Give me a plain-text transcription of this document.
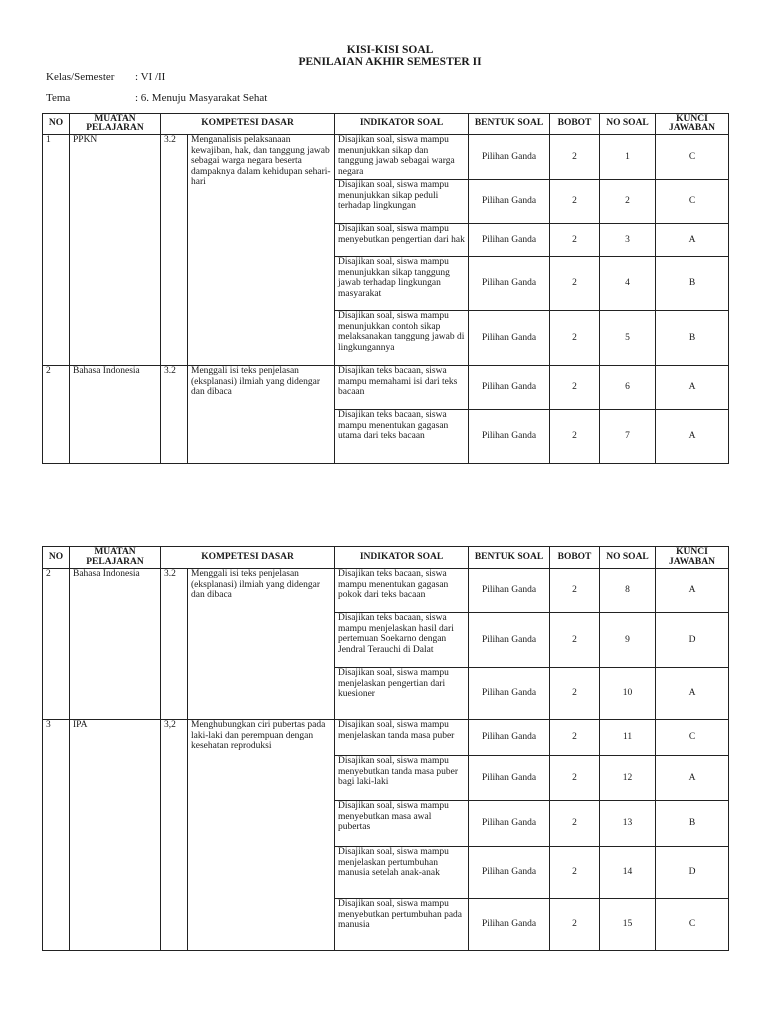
KISI-KISI SOAL
PENILAIAN AKHIR SEMESTER II
Kelas/Semester : VI /II
Tema	: 6. Menuju Masyarakat Sehat
NO	MUATAN PELAJARAN	KOMPETESI DASAR		INDIKATOR SOAL	BENTUK SOAL	BOBOT	NO SOAL	KUNCI JAWABAN
1	PPKN	3.2	Menganalisis pelaksanaan kewajiban, hak, dan tanggung jawab sebagai warga negara beserta dampaknya dalam kehidupan sehari-hari	Disajikan soal, siswa mampu menunjukkan sikap dan tanggung jawab sebagai warga negara	Pilihan Ganda	2	1	C
				Disajikan soal, siswa mampu menunjukkan sikap peduli terhadap lingkungan	Pilihan Ganda	2	2	C
				Disajikan soal, siswa mampu menyebutkan pengertian dari hak	Pilihan Ganda	2	3	A
				Disajikan soal, siswa mampu menunjukkan sikap tanggung jawab terhadap lingkungan masyarakat	Pilihan Ganda	2	4	B
				Disajikan soal, siswa mampu menunjukkan contoh sikap melaksanakan tanggung jawab di lingkungannya	Pilihan Ganda	2	5	B
2	Bahasa Indonesia	3.2	Menggali isi teks penjelasan (eksplanasi) ilmiah yang didengar dan dibaca	Disajikan teks bacaan, siswa mampu memahami isi dari teks bacaan	Pilihan Ganda	2	6	A
				Disajikan teks bacaan, siswa mampu menentukan gagasan utama dari teks bacaan	Pilihan Ganda	2	7	A
NO	MUATAN PELAJARAN	KOMPETESI DASAR		INDIKATOR SOAL	BENTUK SOAL	BOBOT	NO SOAL	KUNCI JAWABAN
2	Bahasa Indonesia	3.2	Menggali isi teks penjelasan (eksplanasi) ilmiah yang didengar dan dibaca	Disajikan teks bacaan, siswa mampu menentukan gagasan pokok dari teks bacaan	Pilihan Ganda	2	8	A
				Disajikan teks bacaan, siswa mampu menjelaskan hasil dari pertemuan Soekarno dengan Jendral Terauchi di Dalat	Pilihan Ganda	2	9	D
				Disajikan soal, siswa mampu menjelaskan pengertian dari kuesioner	Pilihan Ganda	2	10	A
3	IPA	3,2	Menghubungkan ciri pubertas pada laki-laki dan perempuan dengan kesehatan reproduksi	Disajikan soal, siswa mampu menjelaskan tanda masa puber	Pilihan Ganda	2	11	C
				Disajikan soal, siswa mampu menyebutkan tanda masa puber bagi laki-laki	Pilihan Ganda	2	12	A
				Disajikan soal, siswa mampu menyebutkan masa awal pubertas	Pilihan Ganda	2	13	B
				Disajikan soal, siswa mampu menjelaskan pertumbuhan manusia setelah anak-anak	Pilihan Ganda	2	14	D
				Disajikan soal, siswa mampu menyebutkan pertumbuhan pada manusia	Pilihan Ganda	2	15	C
